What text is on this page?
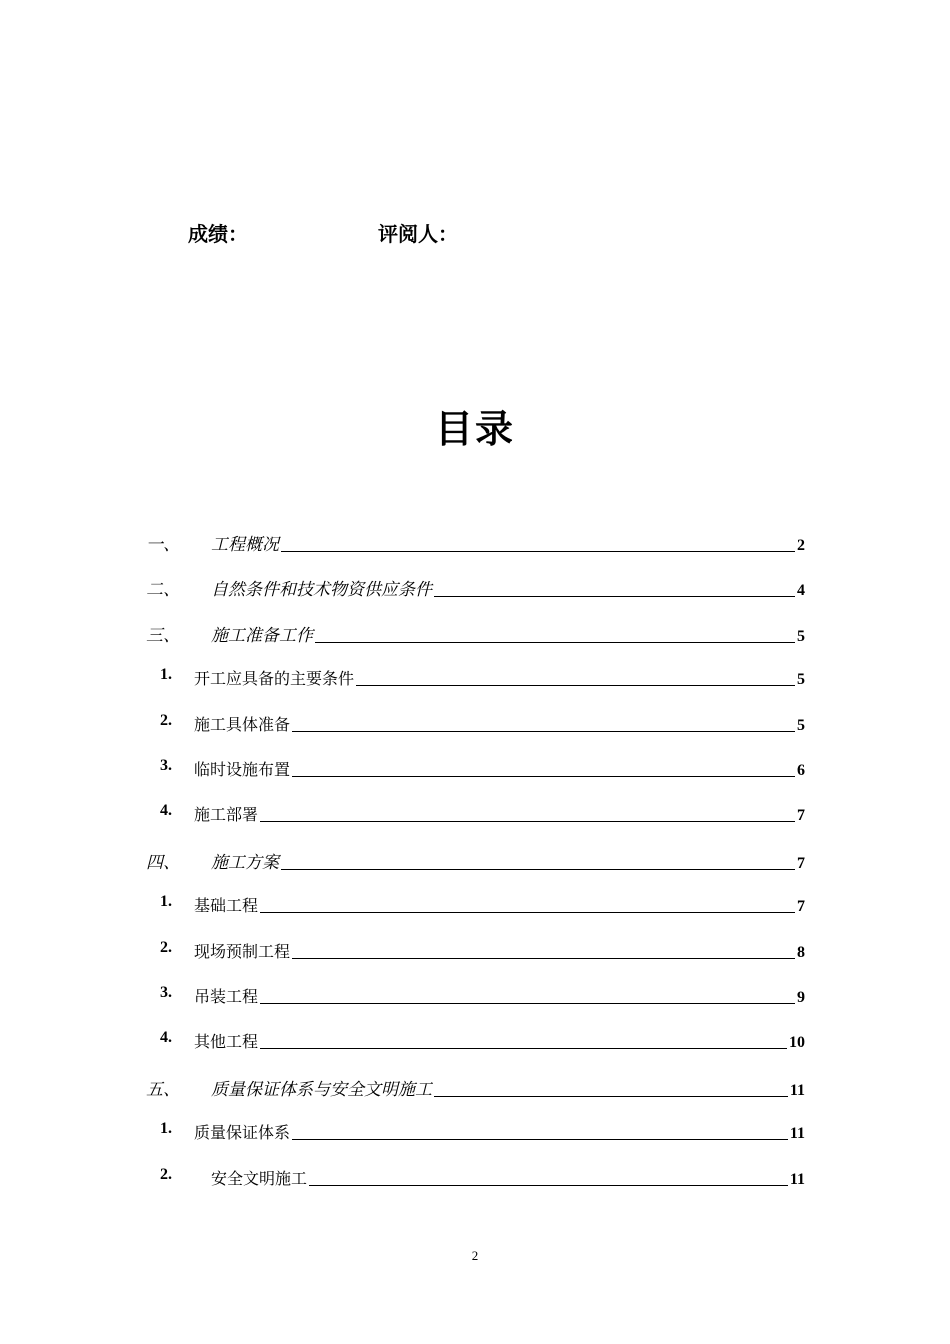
成绩：	评阅人：
目录
一、 工程概况	2
二、 自然条件和技术物资供应条件	4
三、 施工准备工作	5
1. 开工应具备的主要条件	5
2. 施工具体准备	5
3. 临时设施布置	6
4. 施工部署	7
四、 施工方案	7
1. 基础工程	7
2. 现场预制工程	8
3. 吊装工程	9
4. 其他工程	10
五、 质量保证体系与安全文明施工	11
1. 质量保证体系	11
2. 安全文明施工	11
2
